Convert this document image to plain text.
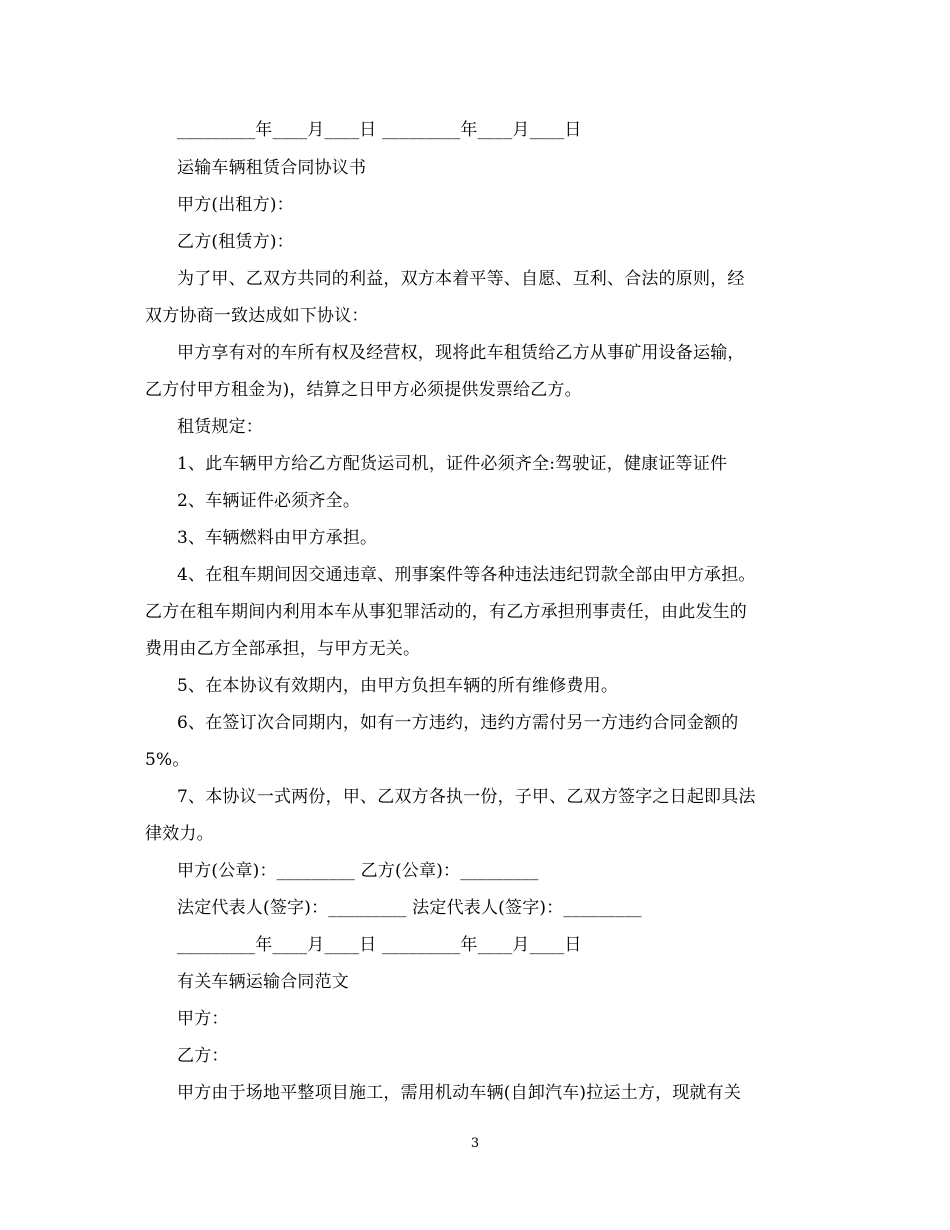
_________年____月____日 _________年____月____日
运输车辆租赁合同协议书
甲方(出租方)：
乙方(租赁方)：
为了甲、乙双方共同的利益，双方本着平等、自愿、互利、合法的原则，经
双方协商一致达成如下协议：
甲方享有对的车所有权及经营权，现将此车租赁给乙方从事矿用设备运输，
乙方付甲方租金为)，结算之日甲方必须提供发票给乙方。
租赁规定：
1、此车辆甲方给乙方配货运司机，证件必须齐全:驾驶证，健康证等证件
2、车辆证件必须齐全。
3、车辆燃料由甲方承担。
4、在租车期间因交通违章、刑事案件等各种违法违纪罚款全部由甲方承担。
乙方在租车期间内利用本车从事犯罪活动的，有乙方承担刑事责任，由此发生的
费用由乙方全部承担，与甲方无关。
5、在本协议有效期内，由甲方负担车辆的所有维修费用。
6、在签订次合同期内，如有一方违约，违约方需付另一方违约合同金额的
5%。
7、本协议一式两份，甲、乙双方各执一份，子甲、乙双方签字之日起即具法
律效力。
甲方(公章)：_________ 乙方(公章)：_________
法定代表人(签字)：_________ 法定代表人(签字)：_________
_________年____月____日 _________年____月____日
有关车辆运输合同范文
甲方：
乙方：
甲方由于场地平整项目施工，需用机动车辆(自卸汽车)拉运土方，现就有关
3
